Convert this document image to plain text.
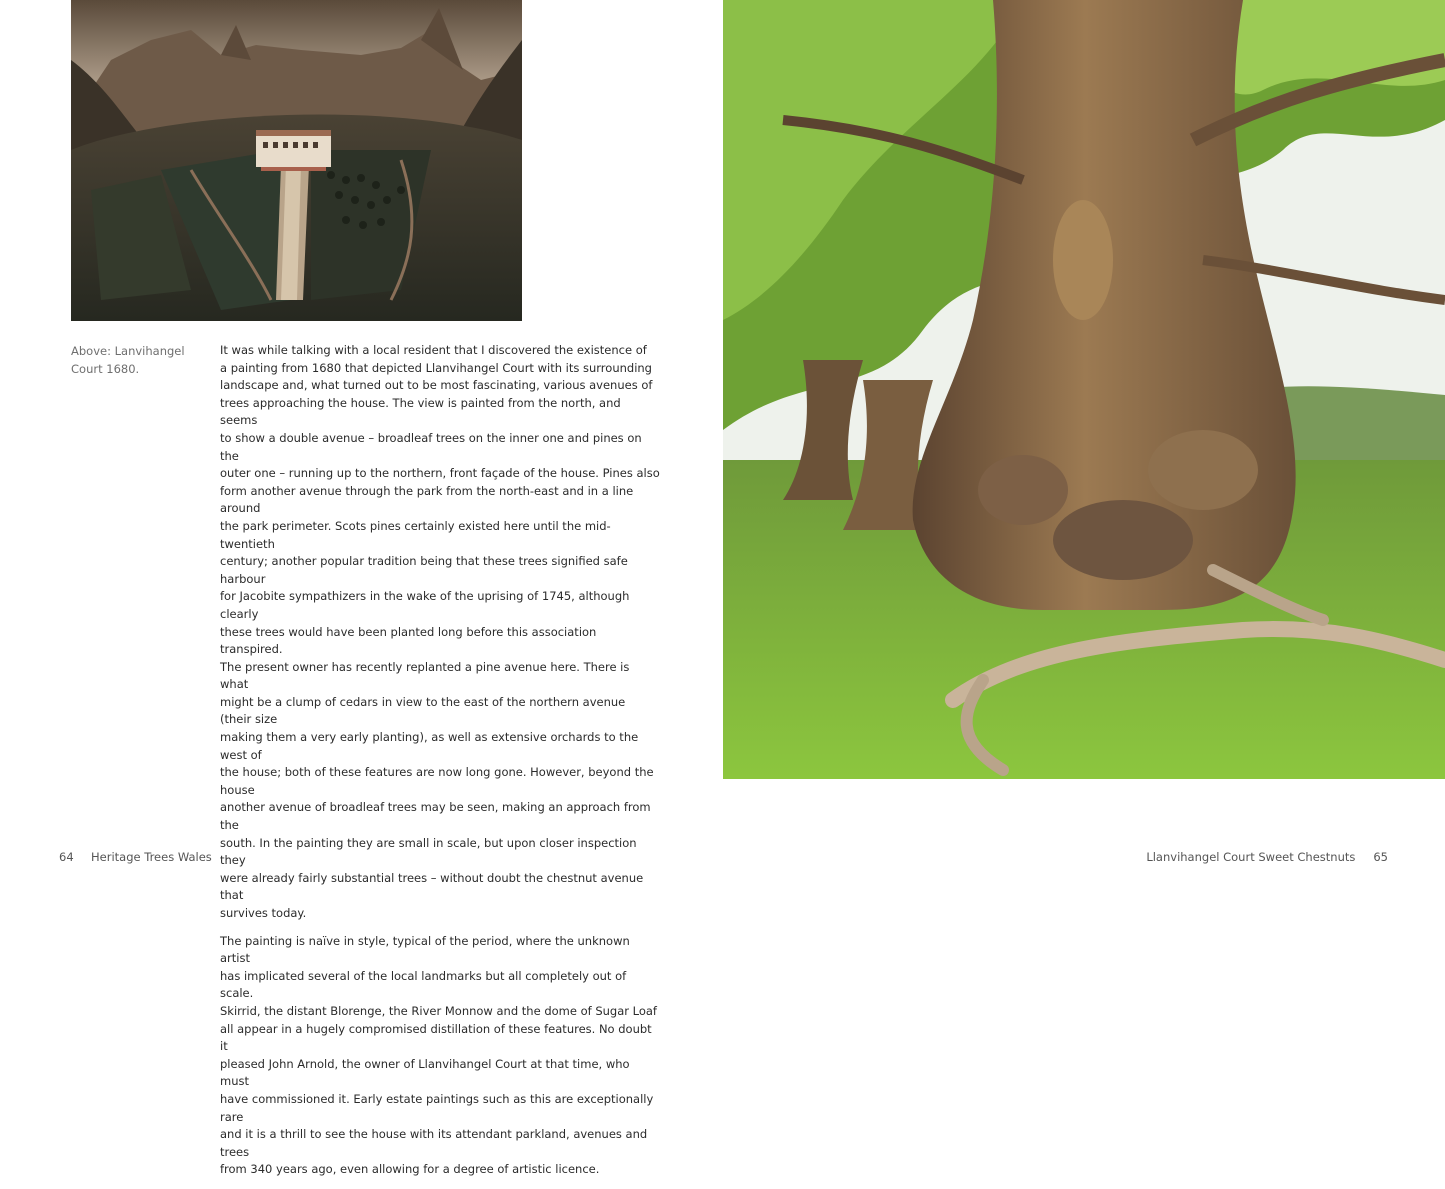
Above: Lanvihangel Court 1680.

It was while talking with a local resident that I discovered the existence of
a painting from 1680 that depicted Llanvihangel Court with its surrounding
landscape and, what turned out to be most fascinating, various avenues of
trees approaching the house. The view is painted from the north, and seems
to show a double avenue – broadleaf trees on the inner one and pines on the
outer one – running up to the northern, front façade of the house. Pines also
form another avenue through the park from the north-east and in a line around
the park perimeter. Scots pines certainly existed here until the mid-twentieth
century; another popular tradition being that these trees signified safe harbour
for Jacobite sympathizers in the wake of the uprising of 1745, although clearly
these trees would have been planted long before this association transpired.
The present owner has recently replanted a pine avenue here. There is what
might be a clump of cedars in view to the east of the northern avenue (their size
making them a very early planting), as well as extensive orchards to the west of
the house; both of these features are now long gone. However, beyond the house
another avenue of broadleaf trees may be seen, making an approach from the
south. In the painting they are small in scale, but upon closer inspection they
were already fairly substantial trees – without doubt the chestnut avenue that
survives today.

The painting is naïve in style, typical of the period, where the unknown artist
has implicated several of the local landmarks but all completely out of scale.
Skirrid, the distant Blorenge, the River Monnow and the dome of Sugar Loaf
all appear in a hugely compromised distillation of these features. No doubt it
pleased John Arnold, the owner of Llanvihangel Court at that time, who must
have commissioned it. Early estate paintings such as this are exceptionally rare
and it is a thrill to see the house with its attendant parkland, avenues and trees
from 340 years ago, even allowing for a degree of artistic licence.

64 Heritage Trees Wales	Llanvihangel Court Sweet Chestnuts 65
